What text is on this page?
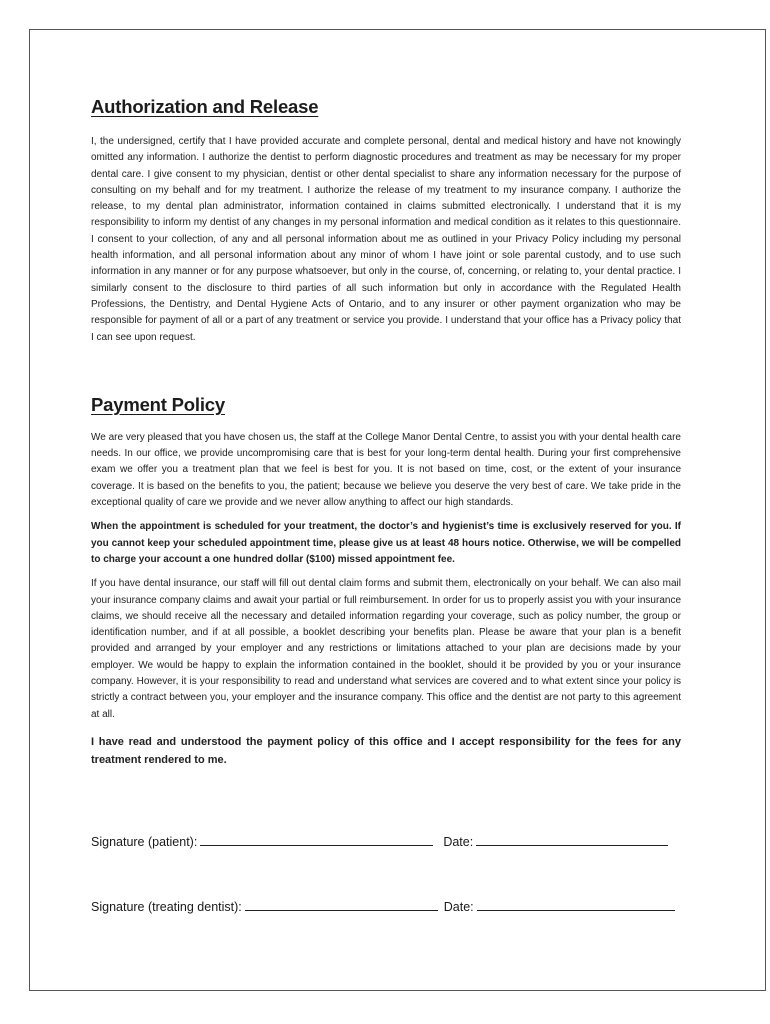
Authorization and Release

I, the undersigned, certify that I have provided accurate and complete personal, dental and medical history and have not knowingly omitted any information. I authorize the dentist to perform diagnostic procedures and treatment as may be necessary for my proper dental care. I give consent to my physician, dentist or other dental specialist to share any information necessary for the purpose of consulting on my behalf and for my treatment. I authorize the release of my treatment to my insurance company. I authorize the release, to my dental plan administrator, information contained in claims submitted electronically. I understand that it is my responsibility to inform my dentist of any changes in my personal information and medical condition as it relates to this questionnaire. I consent to your collection, of any and all personal information about me as outlined in your Privacy Policy including my personal health information, and all personal information about any minor of whom I have joint or sole parental custody, and to use such information in any manner or for any purpose whatsoever, but only in the course, of, concerning, or relating to, your dental practice. I similarly consent to the disclosure to third parties of all such information but only in accordance with the Regulated Health Professions, the Dentistry, and Dental Hygiene Acts of Ontario, and to any insurer or other payment organization who may be responsible for payment of all or a part of any treatment or service you provide. I understand that your office has a Privacy policy that I can see upon request.

Payment Policy

We are very pleased that you have chosen us, the staff at the College Manor Dental Centre, to assist you with your dental health care needs. In our office, we provide uncompromising care that is best for your long-term dental health. During your first comprehensive exam we offer you a treatment plan that we feel is best for you. It is not based on time, cost, or the extent of your insurance coverage. It is based on the benefits to you, the patient; because we believe you deserve the very best of care. We take pride in the exceptional quality of care we provide and we never allow anything to affect our high standards.

When the appointment is scheduled for your treatment, the doctor’s and hygienist’s time is exclusively reserved for you. If you cannot keep your scheduled appointment time, please give us at least 48 hours notice. Otherwise, we will be compelled to charge your account a one hundred dollar ($100) missed appointment fee.

If you have dental insurance, our staff will fill out dental claim forms and submit them, electronically on your behalf. We can also mail your insurance company claims and await your partial or full reimbursement. In order for us to properly assist you with your insurance claims, we should receive all the necessary and detailed information regarding your coverage, such as policy number, the group or identification number, and if at all possible, a booklet describing your benefits plan. Please be aware that your plan is a benefit provided and arranged by your employer and any restrictions or limitations attached to your plan are decisions made by your employer. We would be happy to explain the information contained in the booklet, should it be provided by you or your insurance company. However, it is your responsibility to read and understand what services are covered and to what extent since your policy is strictly a contract between you, your employer and the insurance company. This office and the dentist are not party to this agreement at all.

I have read and understood the payment policy of this office and I accept responsibility for the fees for any treatment rendered to me.

Signature (patient):	Date:
Signature (treating dentist):	Date:
